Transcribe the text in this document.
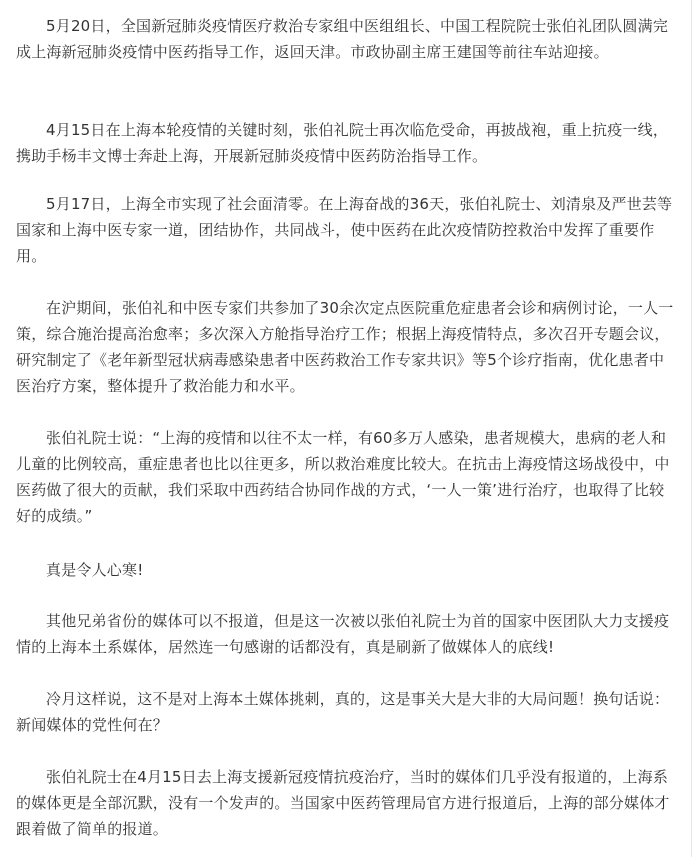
5月20日，全国新冠肺炎疫情医疗救治专家组中医组组长、中国工程院院士张伯礼团队圆满完成上海新冠肺炎疫情中医药指导工作，返回天津。市政协副主席王建国等前往车站迎接。

4月15日在上海本轮疫情的关键时刻，张伯礼院士再次临危受命，再披战袍，重上抗疫一线，携助手杨丰文博士奔赴上海，开展新冠肺炎疫情中医药防治指导工作。

5月17日，上海全市实现了社会面清零。在上海奋战的36天，张伯礼院士、刘清泉及严世芸等国家和上海中医专家一道，团结协作，共同战斗，使中医药在此次疫情防控救治中发挥了重要作用。

在沪期间，张伯礼和中医专家们共参加了30余次定点医院重危症患者会诊和病例讨论，一人一策，综合施治提高治愈率；多次深入方舱指导治疗工作；根据上海疫情特点，多次召开专题会议，研究制定了《老年新型冠状病毒感染患者中医药救治工作专家共识》等5个诊疗指南，优化患者中医治疗方案，整体提升了救治能力和水平。

张伯礼院士说：“上海的疫情和以往不太一样，有60多万人感染，患者规模大，患病的老人和儿童的比例较高，重症患者也比以往更多，所以救治难度比较大。在抗击上海疫情这场战役中，中医药做了很大的贡献，我们采取中西药结合协同作战的方式，‘一人一策’进行治疗，也取得了比较好的成绩。”

真是令人心寒!

其他兄弟省份的媒体可以不报道，但是这一次被以张伯礼院士为首的国家中医团队大力支援疫情的上海本土系媒体，居然连一句感谢的话都没有，真是刷新了做媒体人的底线!

冷月这样说，这不是对上海本土媒体挑刺，真的，这是事关大是大非的大局问题！换句话说：新闻媒体的党性何在？

张伯礼院士在4月15日去上海支援新冠疫情抗疫治疗，当时的媒体们几乎没有报道的，上海系的媒体更是全部沉默，没有一个发声的。当国家中医药管理局官方进行报道后，上海的部分媒体才跟着做了简单的报道。
